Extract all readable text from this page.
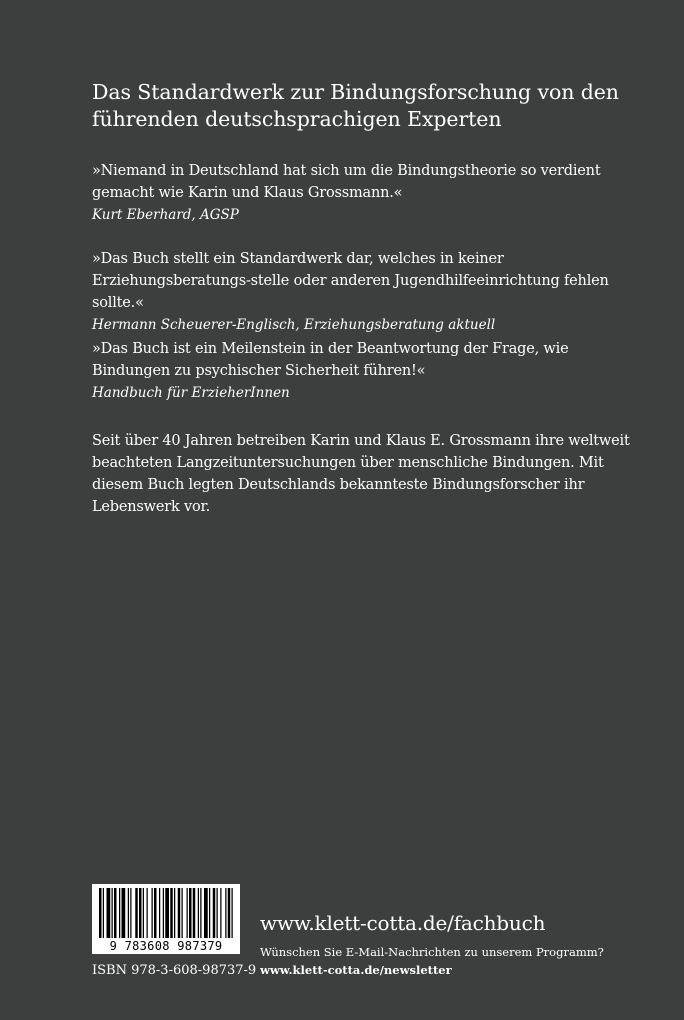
Das Standardwerk zur Bindungsforschung von den führenden deutschsprachigen Experten
»Niemand in Deutschland hat sich um die Bindungstheorie so verdient gemacht wie Karin und Klaus Grossmann.«
Kurt Eberhard, AGSP
»Das Buch stellt ein Standardwerk dar, welches in keiner Erziehungsberatungs-stelle oder anderen Jugendhilfeeinrichtung fehlen sollte.«
Hermann Scheuerer-Englisch, Erziehungsberatung aktuell
»Das Buch ist ein Meilenstein in der Beantwortung der Frage, wie Bindungen zu psychischer Sicherheit führen!«
Handbuch für ErzieherInnen

Seit über 40 Jahren betreiben Karin und Klaus E. Grossmann ihre weltweit beachteten Langzeituntersuchungen über menschliche Bindungen. Mit diesem Buch legten Deutschlands bekannteste Bindungsforscher ihr Lebenswerk vor.

9 783608 987379

ISBN 978-3-608-98737-9

www.klett-cotta.de/fachbuch

Wünschen Sie E-Mail-Nachrichten zu unserem Programm?

www.klett-cotta.de/newsletter
